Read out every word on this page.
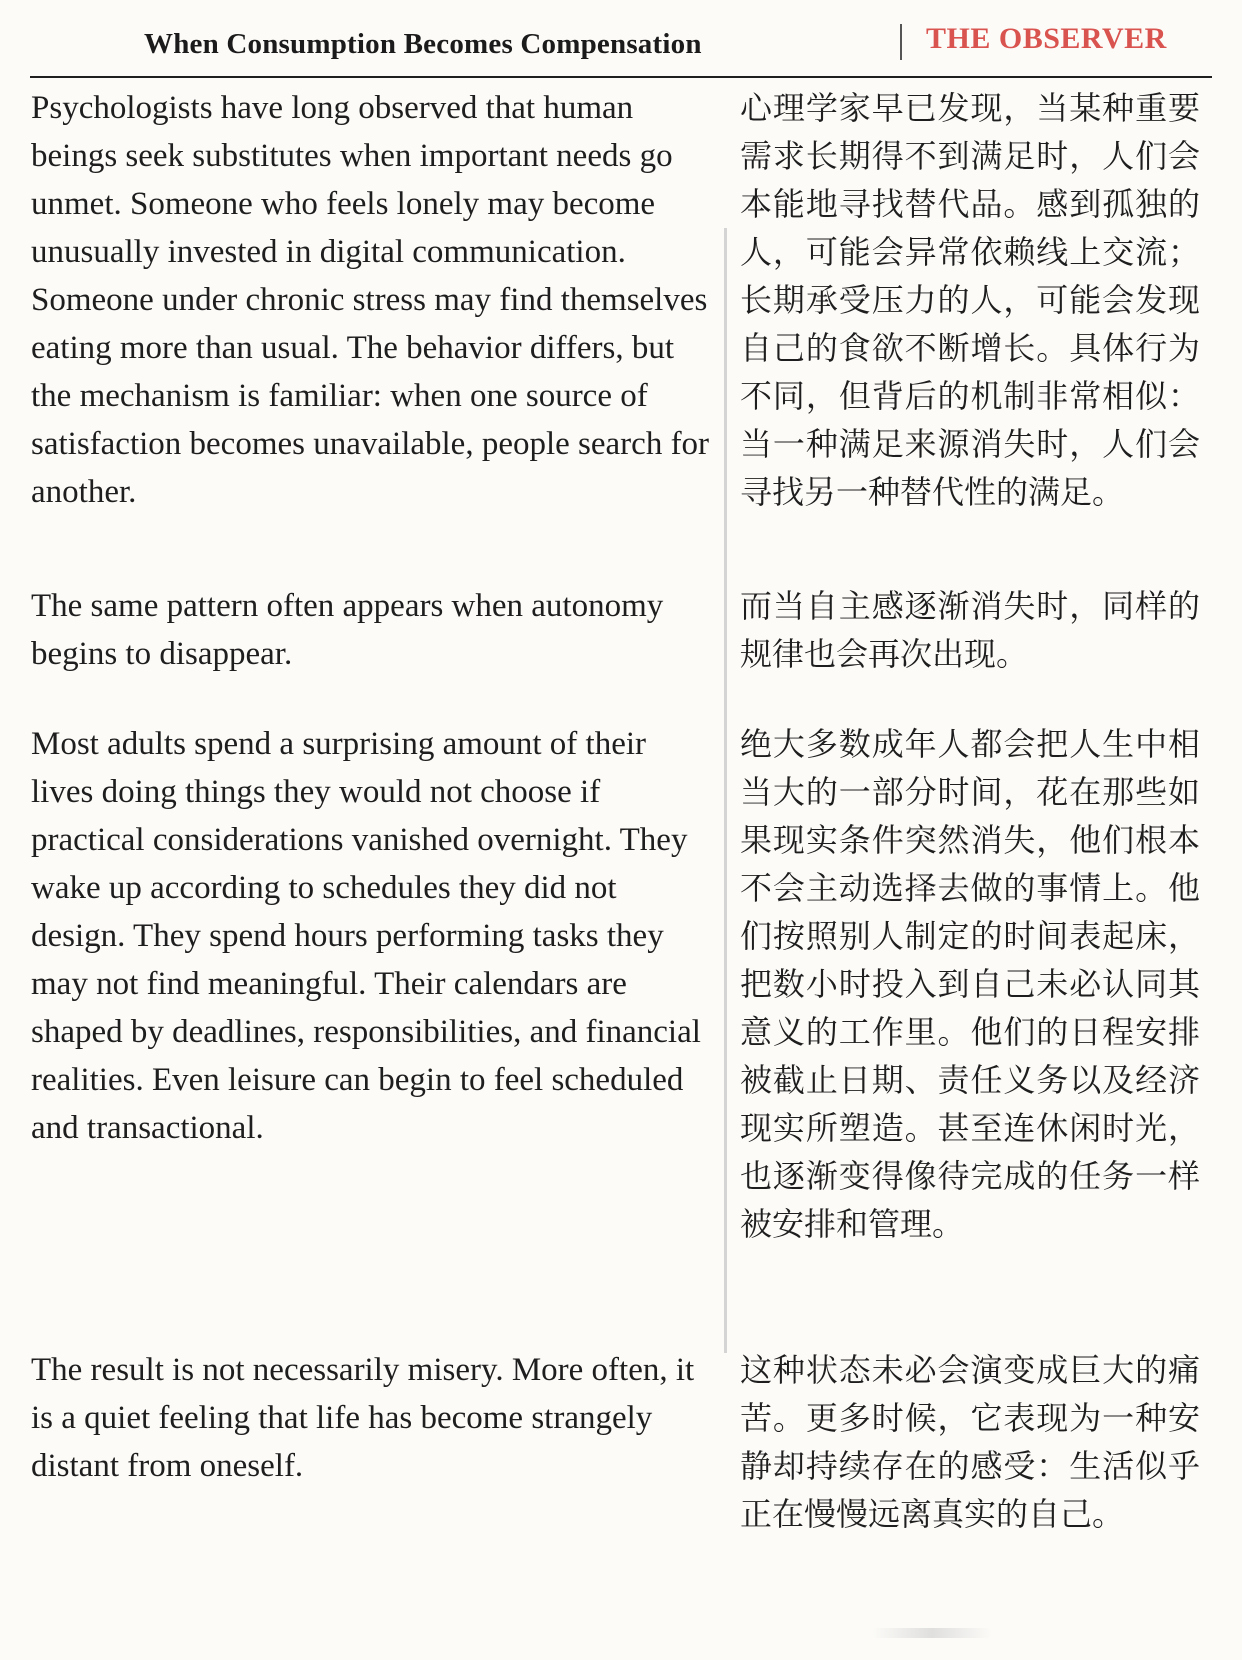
When Consumption Becomes Compensation	THE OBSERVER

Psychologists have long observed that human beings seek substitutes when important needs go unmet. Someone who feels lonely may become unusually invested in digital communication. Someone under chronic stress may find themselves eating more than usual. The behavior differs, but the mechanism is familiar: when one source of satisfaction becomes unavailable, people search for another.

心理学家早已发现，当某种重要需求长期得不到满足时，人们会本能地寻找替代品。感到孤独的人，可能会异常依赖线上交流；长期承受压力的人，可能会发现自己的食欲不断增长。具体行为不同，但背后的机制非常相似：当一种满足来源消失时，人们会寻找另一种替代性的满足。

The same pattern often appears when autonomy begins to disappear.

而当自主感逐渐消失时，同样的规律也会再次出现。

Most adults spend a surprising amount of their lives doing things they would not choose if practical considerations vanished overnight. They wake up according to schedules they did not design. They spend hours performing tasks they may not find meaningful. Their calendars are shaped by deadlines, responsibilities, and financial realities. Even leisure can begin to feel scheduled and transactional.

绝大多数成年人都会把人生中相当大的一部分时间，花在那些如果现实条件突然消失，他们根本不会主动选择去做的事情上。他们按照别人制定的时间表起床，把数小时投入到自己未必认同其意义的工作里。他们的日程安排被截止日期、责任义务以及经济现实所塑造。甚至连休闲时光，也逐渐变得像待完成的任务一样被安排和管理。

The result is not necessarily misery. More often, it is a quiet feeling that life has become strangely distant from oneself.

这种状态未必会演变成巨大的痛苦。更多时候，它表现为一种安静却持续存在的感受：生活似乎正在慢慢远离真实的自己。
